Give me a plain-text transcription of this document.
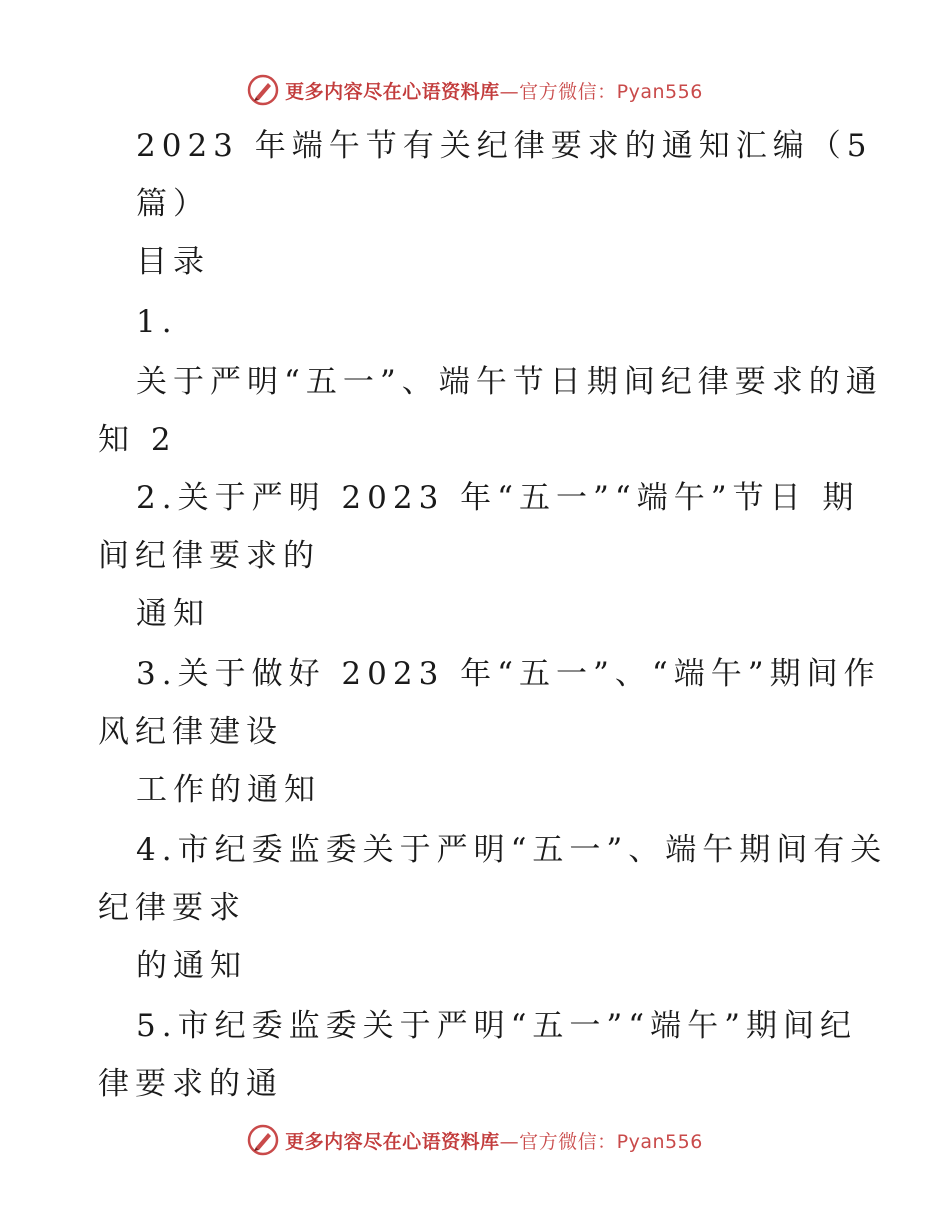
更多内容尽在心语资料库—官方微信：Pyan556
2023 年端午节有关纪律要求的通知汇编（5
篇）
目录
1.
关于严明“五一”、端午节日期间纪律要求的通
知 2
2.关于严明 2023 年“五一”“端午”节日 期
间纪律要求的
通知
3.关于做好 2023 年“五一”、“端午”期间作
风纪律建设
工作的通知
4.市纪委监委关于严明“五一”、端午期间有关
纪律要求
的通知
5.市纪委监委关于严明“五一”“端午”期间纪
律要求的通
更多内容尽在心语资料库—官方微信：Pyan556
